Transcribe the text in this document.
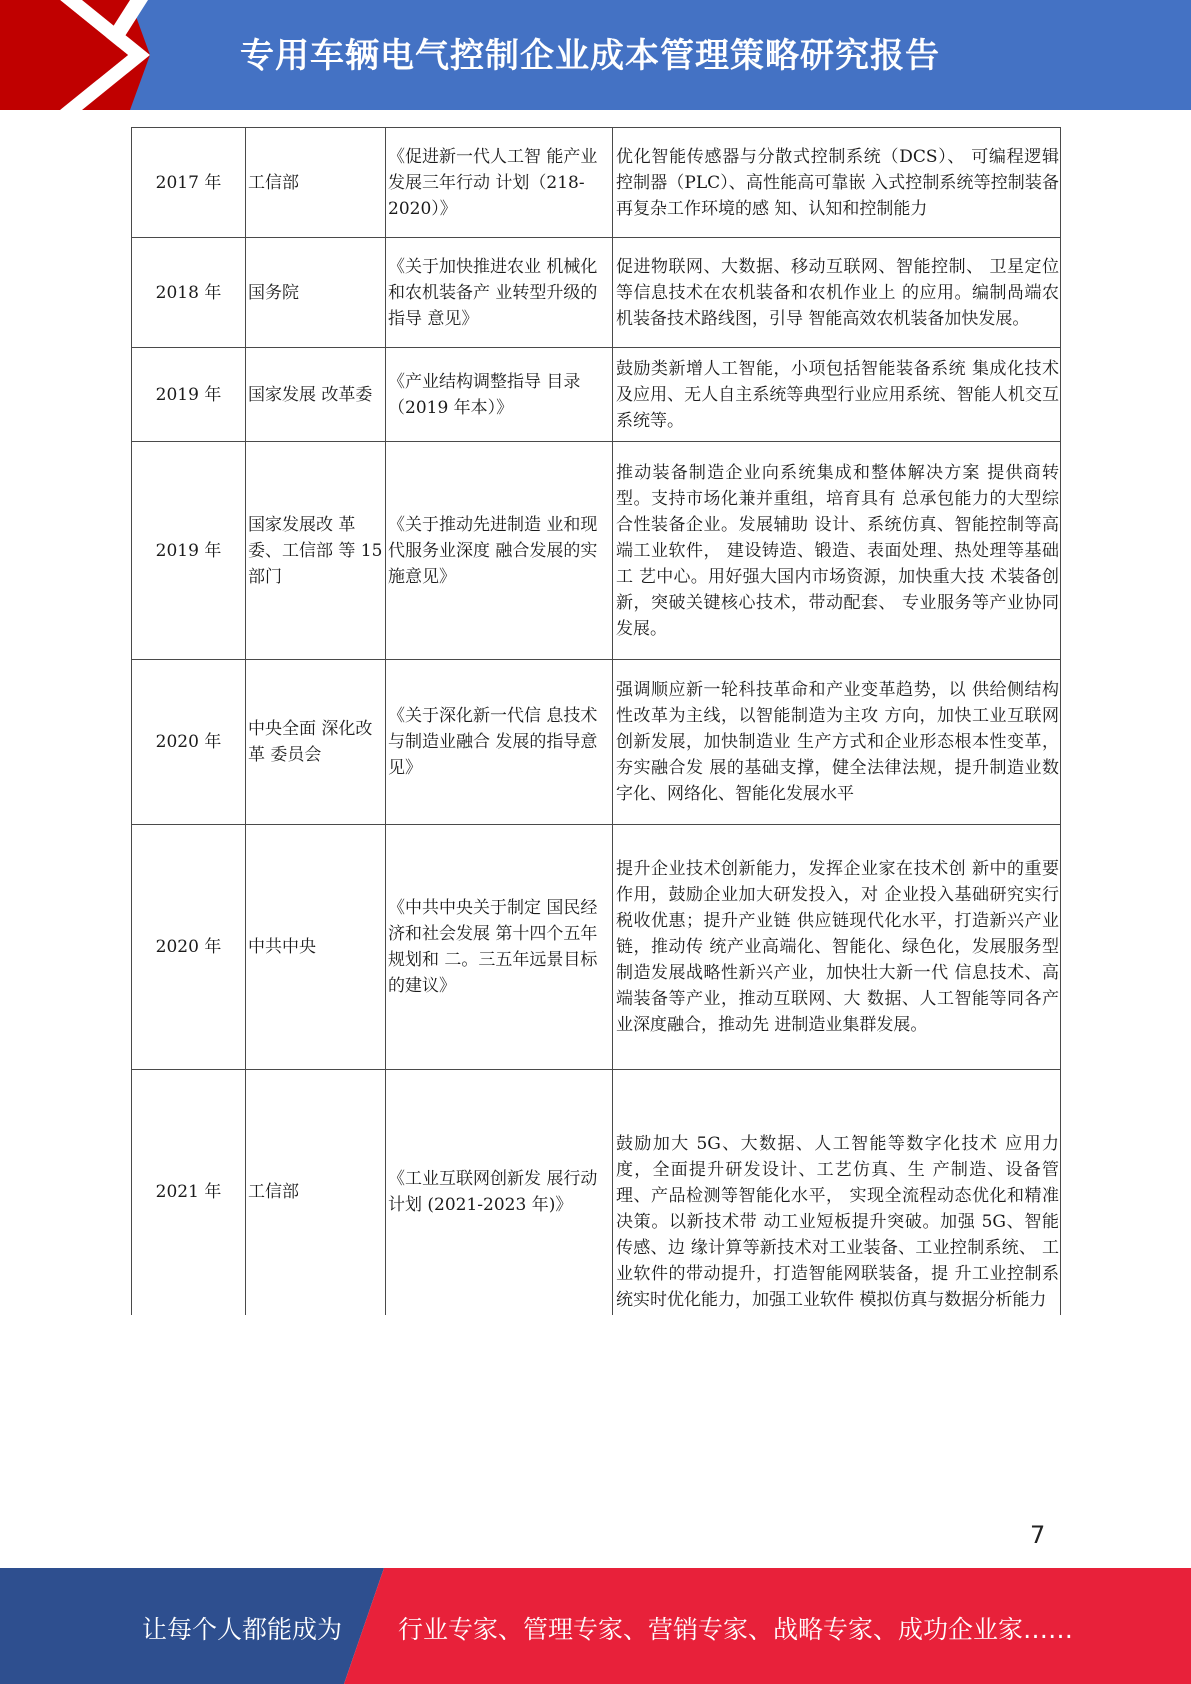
专用车辆电气控制企业成本管理策略研究报告
2017 年	工信部	《促进新一代人工智 能产业发展三年行动 计划（218-2020）》	优化智能传感器与分散式控制系统（DCS）、 可编程逻辑控制器（PLC）、高性能高可靠嵌 入式控制系统等控制装备再复杂工作环境的感 知、认知和控制能力
2018 年	国务院	《关于加快推进农业 机械化和农机装备产 业转型升级的指导 意见》	促进物联网、大数据、移动互联网、智能控制、 卫星定位等信息技术在农机装备和农机作业上 的应用。编制咼端农机装备技术路线图，引导 智能高效农机装备加快发展。
2019 年	国家发展 改革委	《产业结构调整指导 目录（2019 年本）》	鼓励类新增人工智能，小项包括智能装备系统 集成化技术及应用、无人自主系统等典型行业应用系统、智能人机交互系统等。
2019 年	国家发展改 革委、工信部 等 15 部门	《关于推动先进制造 业和现代服务业深度 融合发展的实施意见》	推动装备制造企业向系统集成和整体解决方案 提供商转型。支持市场化兼并重组，培育具有 总承包能力的大型综合性装备企业。发展辅助 设计、系统仿真、智能控制等高端工业软件， 建设铸造、锻造、表面处理、热处理等基础工 艺中心。用好强大国内市场资源，加快重大技 术装备创新，突破关键核心技术，带动配套、 专业服务等产业协同发展。
2020 年	中央全面 深化改革 委员会	《关于深化新一代信 息技术与制造业融合 发展的指导意见》	强调顺应新一轮科技革命和产业变革趋势，以 供给侧结构性改革为主线，以智能制造为主攻 方向，加快工业互联网创新发展，加快制造业 生产方式和企业形态根本性变革，夯实融合发 展的基础支撑，健全法律法规，提升制造业数 字化、网络化、智能化发展水平
2020 年	中共中央	《中共中央关于制定 国民经济和社会发展 第十四个五年规划和 二。三五年远景目标 的建议》	提升企业技术创新能力，发挥企业家在技术创 新中的重要作用，鼓励企业加大研发投入，对 企业投入基础研究实行税收优惠；提升产业链 供应链现代化水平，打造新兴产业链，推动传 统产业高端化、智能化、绿色化，发展服务型 制造发展战略性新兴产业，加快壮大新一代 信息技术、高端装备等产业，推动互联网、大 数据、人工智能等同各产业深度融合，推动先 进制造业集群发展。
2021 年	工信部	《工业互联网创新发 展行动计划 (2021-2023 年)》	鼓励加大 5G、大数据、人工智能等数字化技术 应用力度，全面提升研发设计、工艺仿真、生 产制造、设备管理、产品检测等智能化水平， 实现全流程动态优化和精准决策。以新技术带 动工业短板提升突破。加强 5G、智能传感、边 缘计算等新技术对工业装备、工业控制系统、 工业软件的带动提升，打造智能网联装备，提 升工业控制系统实时优化能力，加强工业软件 模拟仿真与数据分析能力
7
让每个人都能成为 行业专家、管理专家、营销专家、战略专家、成功企业家……
